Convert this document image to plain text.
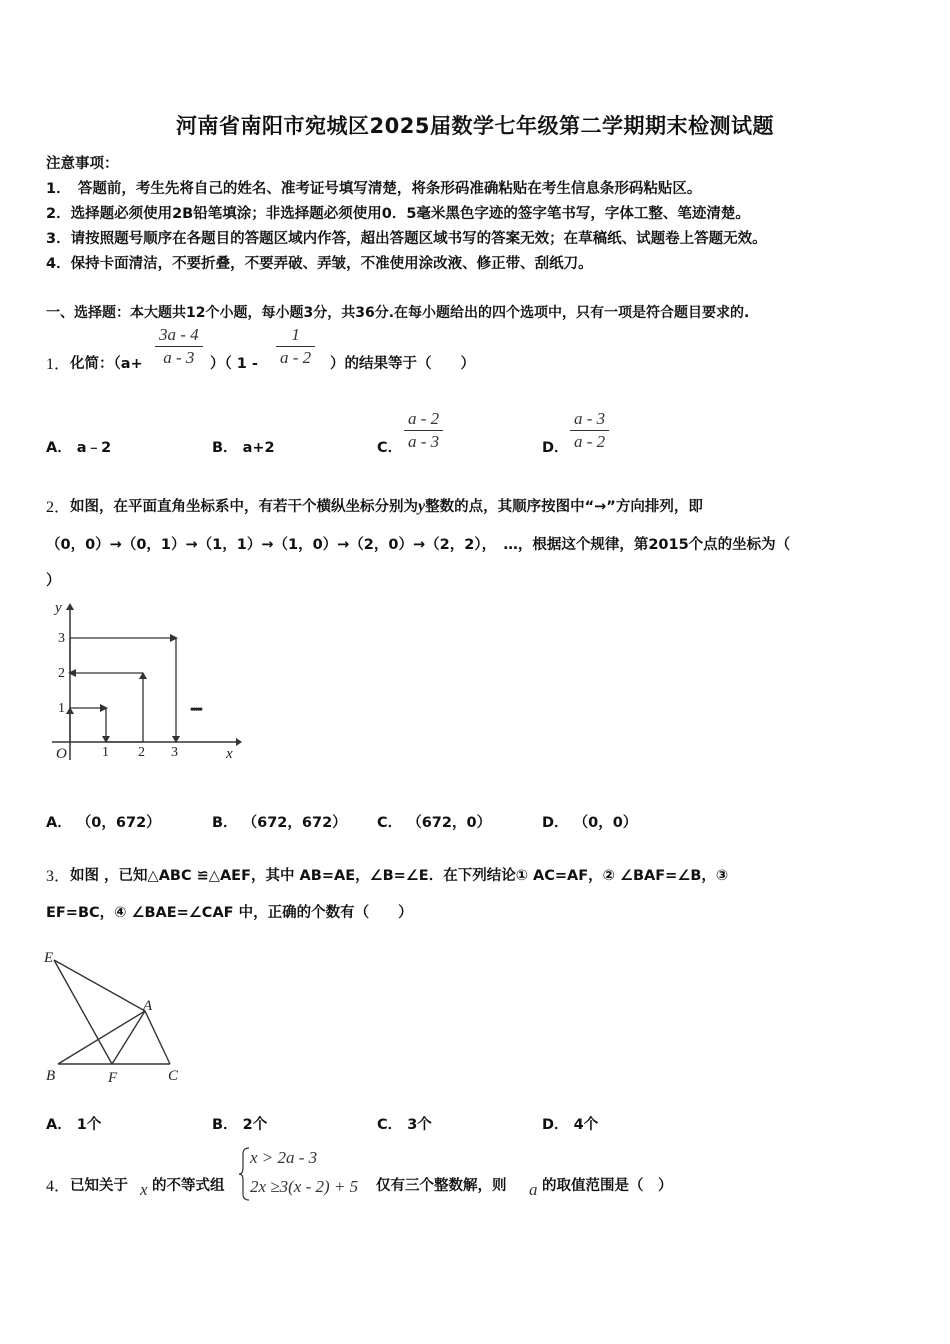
河南省南阳市宛城区2025届数学七年级第二学期期末检测试题
注意事项：
1．　答题前，考生先将自己的姓名、准考证号填写清楚，将条形码准确粘贴在考生信息条形码粘贴区。
2．选择题必须使用2B铅笔填涂；非选择题必须使用0．5毫米黑色字迹的签字笔书写，字体工整、笔迹清楚。
3．请按照题号顺序在各题目的答题区域内作答，超出答题区域书写的答案无效；在草稿纸、试题卷上答题无效。
4．保持卡面清洁，不要折叠，不要弄破、弄皱，不准使用涂改液、修正带、刮纸刀。
一、选择题：本大题共12个小题，每小题3分，共36分.在每小题给出的四个选项中，只有一项是符合题目要求的.
1． 化简：（$a+ \frac{3a - 4}{a - 3}$ ）（ $1 - \frac{1}{a - 2}$ ）的结果等于（　　）
A． a﹣2	B． a+2	C． $\frac{a - 2}{a - 3}$	D． $\frac{a - 3}{a - 2}$
2． 如图，在平面直角坐标系中，有若干个横纵坐标分别为y整数的点，其顺序按图中“→”方向排列，即
（0，0）→（0，1）→（1，1）→（1，0）→（2，0）→（2，2），　…，根据这个规律，第2015个点的坐标为（
）
y
x
O
1
2
3
1 2 3
•••••
A． （0，672）	B． （672，672） C． （672，0）	D． （0，0）
3． 如图 ，已知△ABC ≌△AEF，其中 AB=AE，∠B=∠E．在下列结论① AC=AF，② ∠BAF=∠B，③
EF=BC，④ ∠BAE=∠CAF 中，正确的个数有（　　）
E
A
B	F	C
A． 1个	B． 2个	C． 3个	D． 4个
4． 已知关于 x 的不等式组
x > 2a - 3
2x ≥3(x - 2) + 5 仅有三个整数解，则 a 的取值范围是（　）
